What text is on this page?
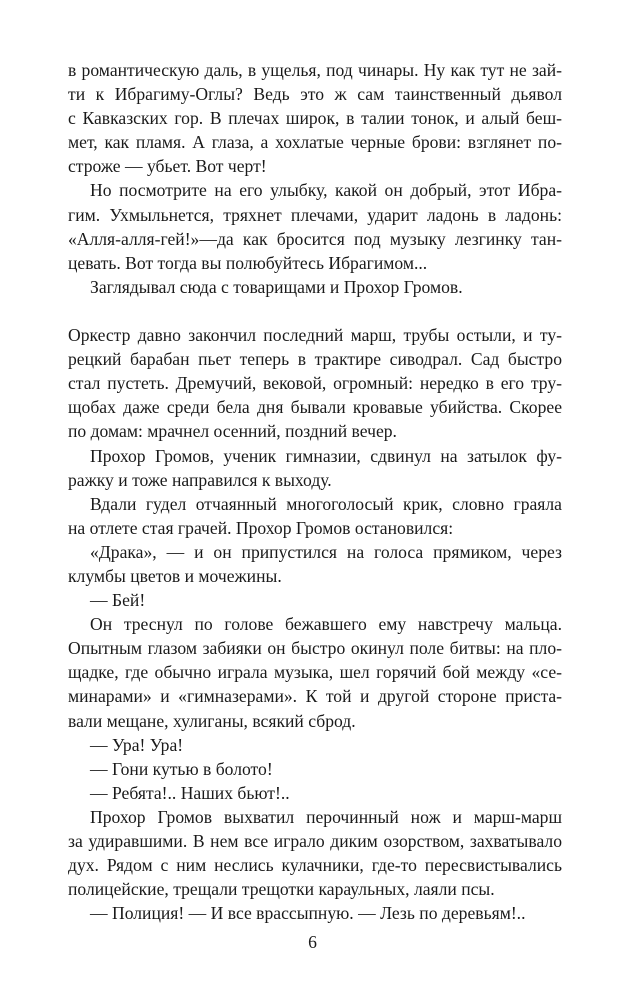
в романтическую даль, в ущелья, под чинары. Ну как тут не зай-
ти к Ибрагиму-Оглы? Ведь это ж сам таинственный дьявол
с Кавказских гор. В плечах широк, в талии тонок, и алый беш-
мет, как пламя. А глаза, а хохлатые черные брови: взглянет по-
строже — убьет. Вот черт!
Но посмотрите на его улыбку, какой он добрый, этот Ибра-
гим. Ухмыльнется, тряхнет плечами, ударит ладонь в ладонь:
«Алля-алля-гей!»—да как бросится под музыку лезгинку тан-
цевать. Вот тогда вы полюбуйтесь Ибрагимом...
Заглядывал сюда с товарищами и Прохор Громов.
Оркестр давно закончил последний марш, трубы остыли, и ту-
рецкий барабан пьет теперь в трактире сиводрал. Сад быстро
стал пустеть. Дремучий, вековой, огромный: нередко в его тру-
щобах даже среди бела дня бывали кровавые убийства. Скорее
по домам: мрачнел осенний, поздний вечер.
Прохор Громов, ученик гимназии, сдвинул на затылок фу-
ражку и тоже направился к выходу.
Вдали гудел отчаянный многоголосый крик, словно граяла
на отлете стая грачей. Прохор Громов остановился:
«Драка», — и он припустился на голоса прямиком, через
клумбы цветов и мочежины.
— Бей!
Он треснул по голове бежавшего ему навстречу мальца.
Опытным глазом забияки он быстро окинул поле битвы: на пло-
щадке, где обычно играла музыка, шел горячий бой между «се-
минарами» и «гимназерами». К той и другой стороне пристa-
вали мещане, хулиганы, всякий сброд.
— Ура! Ура!
— Гони кутью в болото!
— Ребята!.. Наших бьют!..
Прохор Громов выхватил перочинный нож и марш-марш
за удиравшими. В нем все играло диким озорством, захватывало
дух. Рядом с ним неслись кулачники, где-то пересвистывались
полицейские, трещали трещотки караульных, лаяли псы.
— Полиция! — И все врассыпную. — Лезь по деревьям!..
6
